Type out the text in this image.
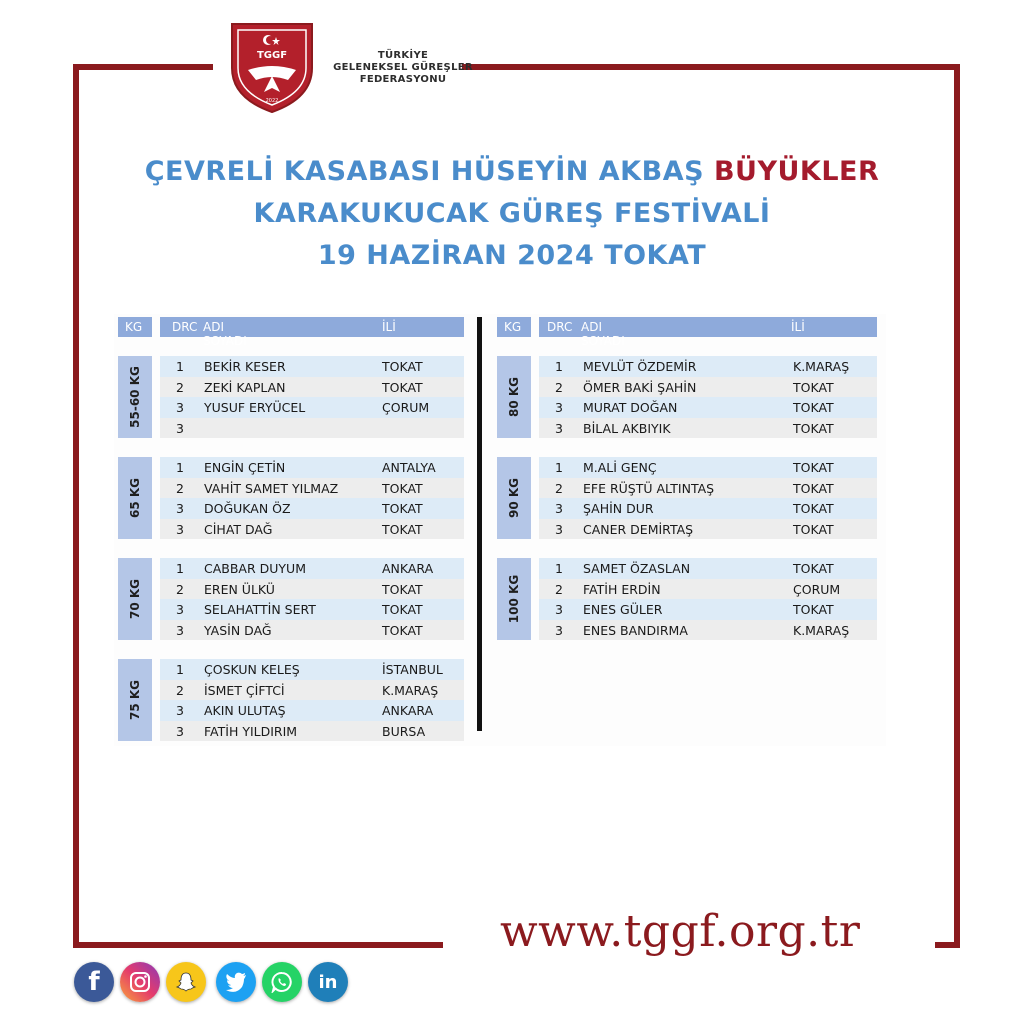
TGGF
2022
TÜRKİYE
GELENEKSEL GÜREŞLER
FEDERASYONU
ÇEVRELİ KASABASI HÜSEYİN AKBAŞ BÜYÜKLER
KARAKUKUCAK GÜREŞ FESTİVALİ
19 HAZİRAN 2024 TOKAT
KG DRC ADI SOYADI
İLİ
55-60 KG	1 BEKİR KESER	TOKAT
2 ZEKİ KAPLAN	TOKAT
3 YUSUF ERYÜCEL	ÇORUM
3
65 KG
1 ENGİN ÇETİN	ANTALYA
2 VAHİT SAMET YILMAZ	TOKAT
3 DOĞUKAN ÖZ	TOKAT
3 CİHAT DAĞ	TOKAT
70 KG
1 CABBAR DUYUM	ANKARA
2 EREN ÜLKÜ	TOKAT
3 SELAHATTİN SERT	TOKAT
3 YASİN DAĞ	TOKAT
75 KG
1 ÇOSKUN KELEŞ	İSTANBUL
2 İSMET ÇİFTCİ	K.MARAŞ
3 AKIN ULUTAŞ	ANKARA
3 FATİH YILDIRIM	BURSA
KG DRC ADI SOYADI
İLİ
80 KG
1 MEVLÜT ÖZDEMİR	K.MARAŞ
2 ÖMER BAKİ ŞAHİN	TOKAT
3 MURAT DOĞAN	TOKAT
3 BİLAL AKBIYIK	TOKAT
90 KG
1 M.ALİ GENÇ	TOKAT
2 EFE RÜŞTÜ ALTINTAŞ	TOKAT
3 ŞAHİN DUR	TOKAT
3 CANER DEMİRTAŞ	TOKAT
100 KG
1 SAMET ÖZASLAN	TOKAT
2 FATİH ERDİN	ÇORUM
3 ENES GÜLER	TOKAT
3 ENES BANDIRMA	K.MARAŞ
www.tggf.org.tr
f	in
